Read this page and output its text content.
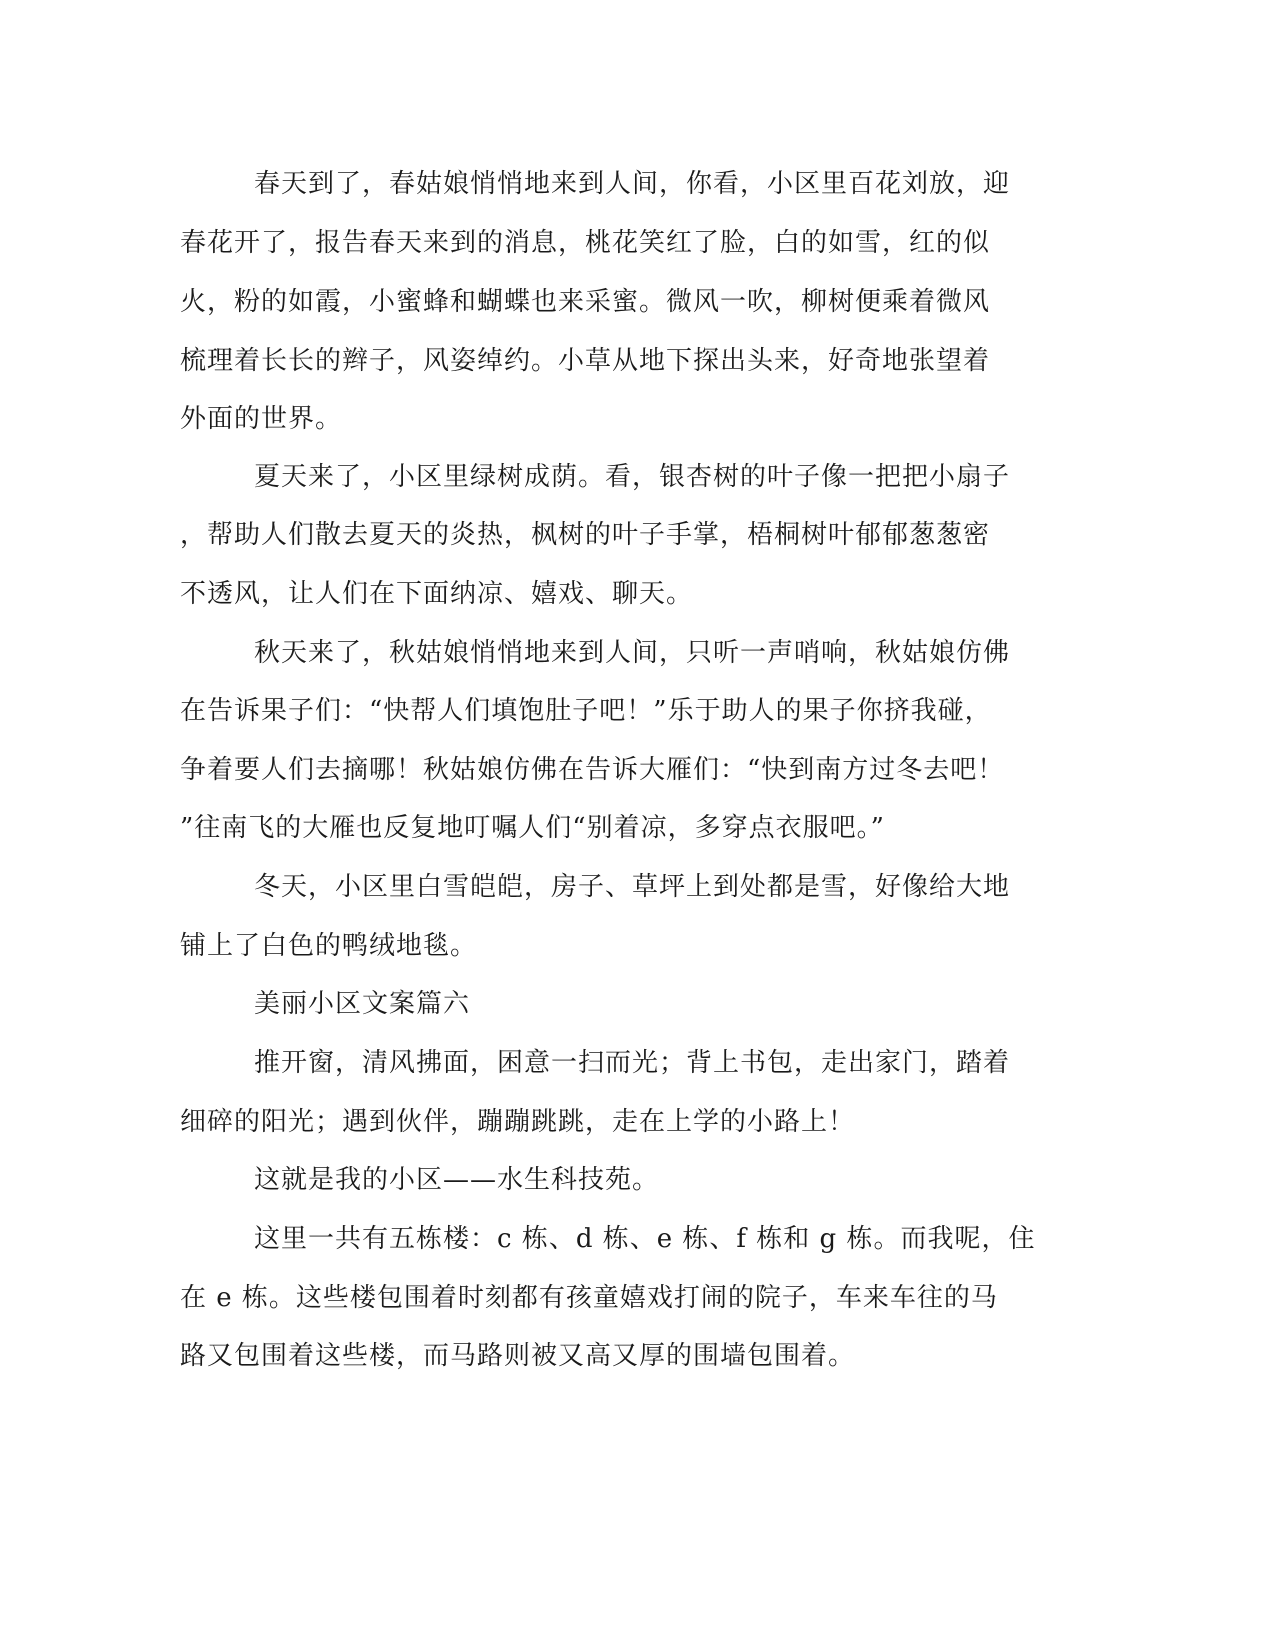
春天到了，春姑娘悄悄地来到人间，你看，小区里百花刘放，迎
春花开了，报告春天来到的消息，桃花笑红了脸，白的如雪，红的似
火，粉的如霞，小蜜蜂和蝴蝶也来采蜜。微风一吹，柳树便乘着微风
梳理着长长的辫子，风姿绰约。小草从地下探出头来，好奇地张望着
外面的世界。
夏天来了，小区里绿树成荫。看，银杏树的叶子像一把把小扇子
，帮助人们散去夏天的炎热，枫树的叶子手掌，梧桐树叶郁郁葱葱密
不透风，让人们在下面纳凉、嬉戏、聊天。
秋天来了，秋姑娘悄悄地来到人间，只听一声哨响，秋姑娘仿佛
在告诉果子们：“快帮人们填饱肚子吧！”乐于助人的果子你挤我碰，
争着要人们去摘哪！秋姑娘仿佛在告诉大雁们：“快到南方过冬去吧！
”往南飞的大雁也反复地叮嘱人们“别着凉，多穿点衣服吧。”
冬天，小区里白雪皑皑，房子、草坪上到处都是雪，好像给大地
铺上了白色的鸭绒地毯。
美丽小区文案篇六
推开窗，清风拂面，困意一扫而光；背上书包，走出家门，踏着
细碎的阳光；遇到伙伴，蹦蹦跳跳，走在上学的小路上！
这就是我的小区——水生科技苑。
这里一共有五栋楼：c 栋、d 栋、e 栋、f 栋和 g 栋。而我呢，住
在 e 栋。这些楼包围着时刻都有孩童嬉戏打闹的院子，车来车往的马
路又包围着这些楼，而马路则被又高又厚的围墙包围着。
